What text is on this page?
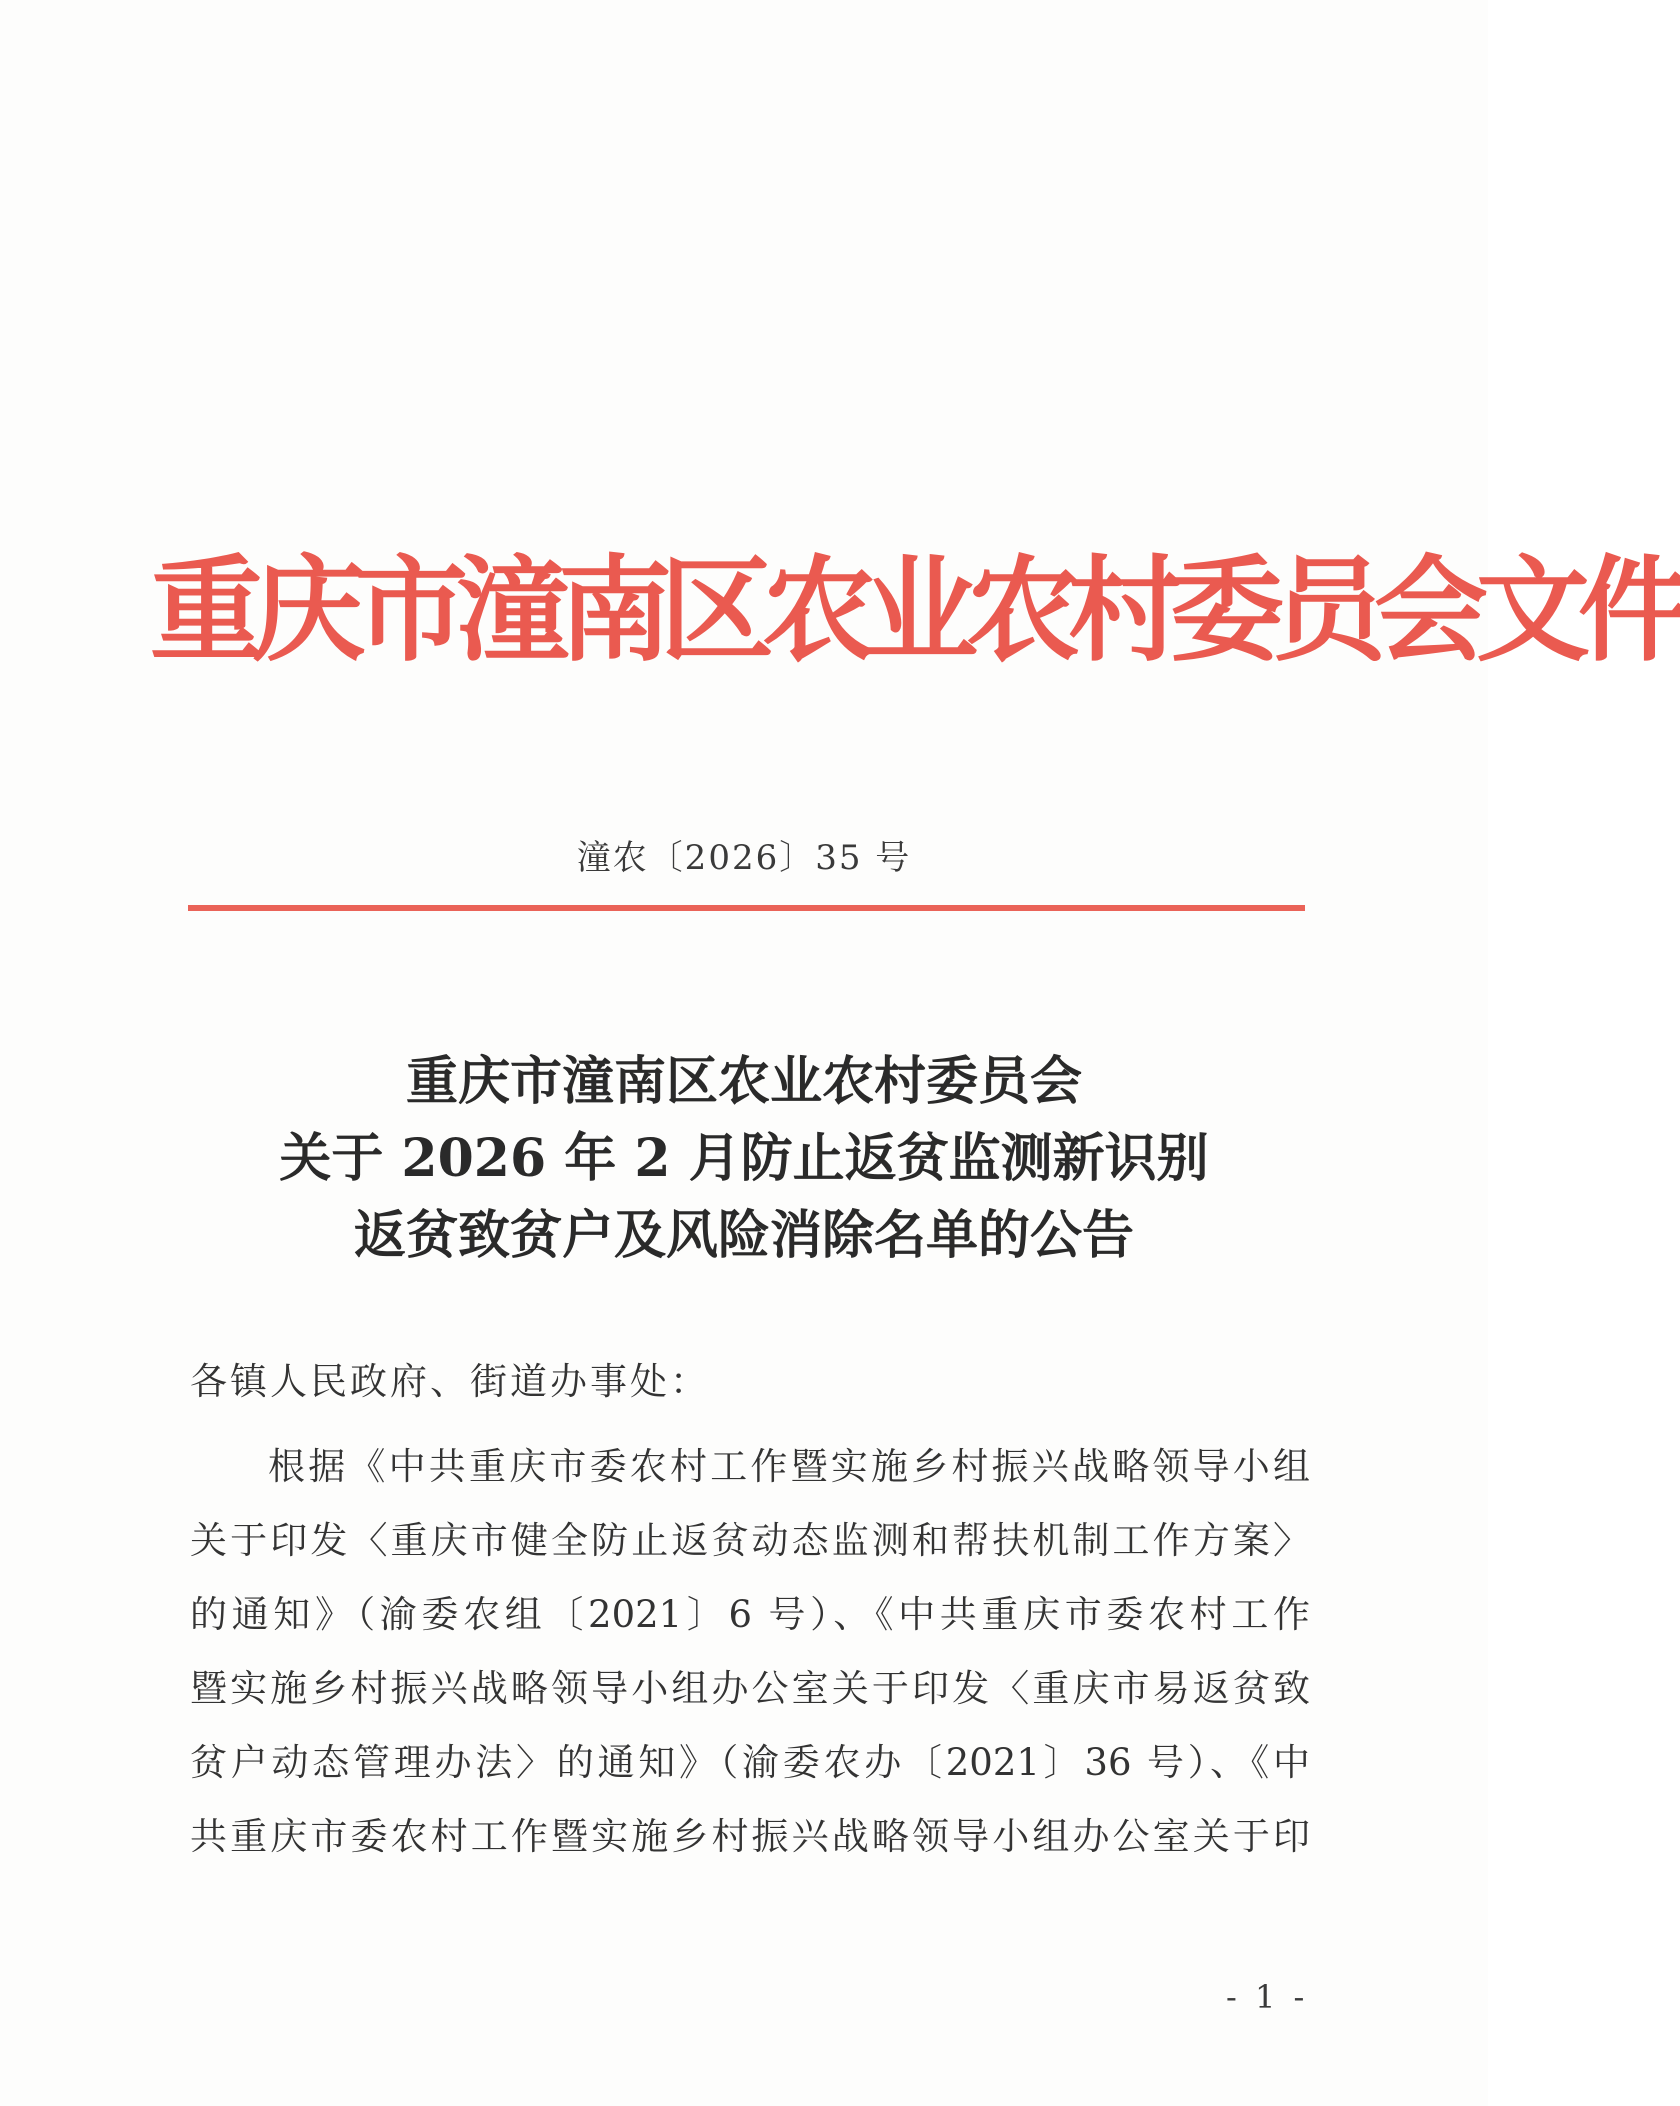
重庆市潼南区农业农村委员会文件
潼农〔2026〕35 号
重庆市潼南区农业农村委员会
关于 2026 年 2 月防止返贫监测新识别
返贫致贫户及风险消除名单的公告
各镇人民政府、街道办事处：
根据《中共重庆市委农村工作暨实施乡村振兴战略领导小组
关于印发〈重庆市健全防止返贫动态监测和帮扶机制工作方案〉
的通知》（渝委农组〔2021〕6 号）、《中共重庆市委农村工作
暨实施乡村振兴战略领导小组办公室关于印发〈重庆市易返贫致
贫户动态管理办法〉的通知》（渝委农办〔2021〕36 号）、《中
共重庆市委农村工作暨实施乡村振兴战略领导小组办公室关于印
- 1 -
